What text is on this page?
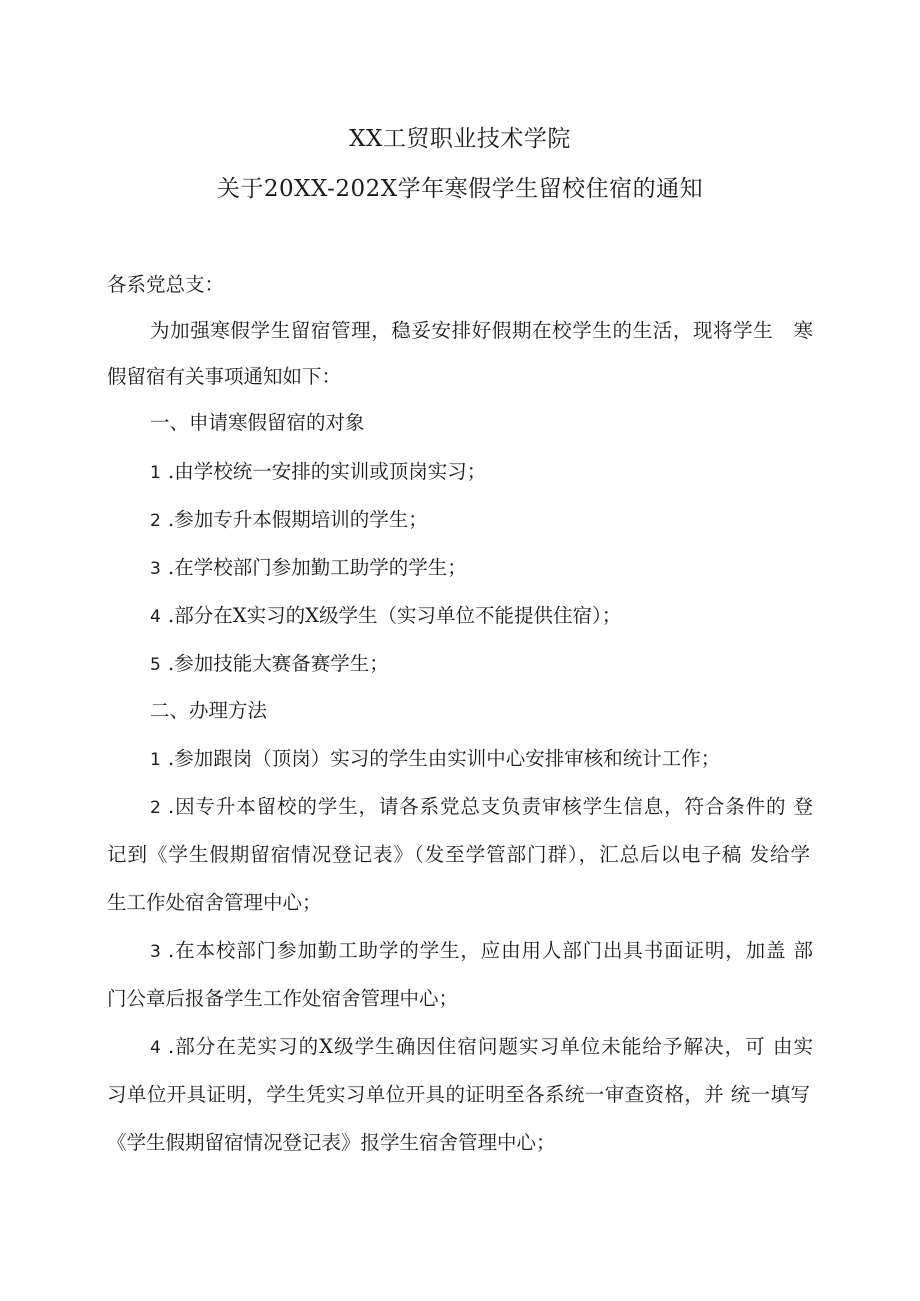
XX工贸职业技术学院
关于20XX-202X学年寒假学生留校住宿的通知
各系党总支：
为加强寒假学生留宿管理，稳妥安排好假期在校学生的生活，现将学生　寒
假留宿有关事项通知如下：
一、申请寒假留宿的对象
1 .由学校统一安排的实训或顶岗实习；
2 .参加专升本假期培训的学生；
3 .在学校部门参加勤工助学的学生；
4 .部分在X实习的X级学生（实习单位不能提供住宿）；
5 .参加技能大赛备赛学生；
二、办理方法
1 .参加跟岗（顶岗）实习的学生由实训中心安排审核和统计工作；
2 .因专升本留校的学生，请各系党总支负责审核学生信息，符合条件的 登
记到《学生假期留宿情况登记表》（发至学管部门群），汇总后以电子稿 发给学
生工作处宿舍管理中心；
3 .在本校部门参加勤工助学的学生，应由用人部门出具书面证明，加盖 部
门公章后报备学生工作处宿舍管理中心；
4 .部分在芜实习的X级学生确因住宿问题实习单位未能给予解决，可 由实
习单位开具证明，学生凭实习单位开具的证明至各系统一审查资格，并 统一填写
《学生假期留宿情况登记表》报学生宿舍管理中心；
